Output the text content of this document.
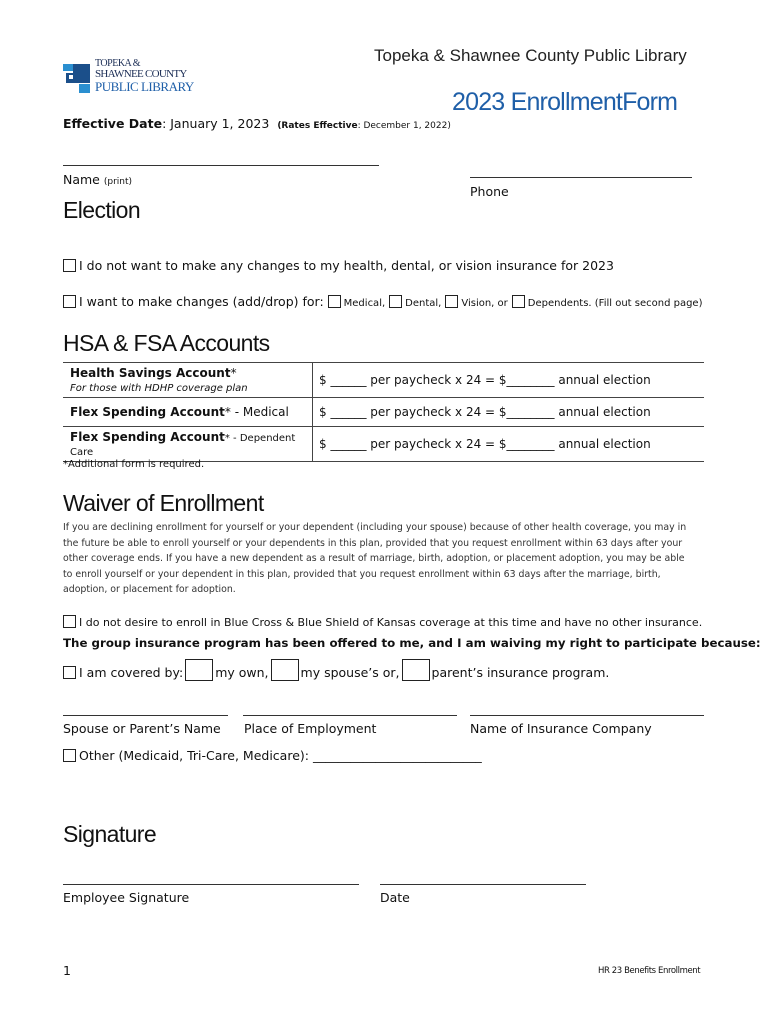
Topeka & Shawnee County Public Library
TOPEKA &
SHAWNEE COUNTY
PUBLIC LIBRARY
2023 EnrollmentForm
Effective Date: January 1, 2023 (Rates Effective: December 1, 2022)
Name (print)
Phone
Election
I do not want to make any changes to my health, dental, or vision insurance for 2023
I want to make changes (add/drop) for: Medical, Dental, Vision, or Dependents. (Fill out second page)
HSA & FSA Accounts
Health Savings Account*
For those with HDHP coverage plan	$ ______ per paycheck x 24 = $________ annual election
Flex Spending Account* - Medical	$ ______ per paycheck x 24 = $________ annual election
Flex Spending Account* - Dependent Care	$ ______ per paycheck x 24 = $________ annual election
*Additional form is required.
Waiver of Enrollment
If you are declining enrollment for yourself or your dependent (including your spouse) because of other health coverage, you may in the future be able to enroll yourself or your dependents in this plan, provided that you request enrollment within 63 days after your other coverage ends. If you have a new dependent as a result of marriage, birth, adoption, or placement adoption, you may be able to enroll yourself or your dependent in this plan, provided that you request enrollment within 63 days after the marriage, birth, adoption, or placement for adoption.
I do not desire to enroll in Blue Cross & Blue Shield of Kansas coverage at this time and have no other insurance.
The group insurance program has been offered to me, and I am waiving my right to participate because:
I am covered by:	my own,	my spouse’s or,	parent’s insurance program.
Spouse or Parent’s Name Place of Employment	Name of Insurance Company
Other (Medicaid, Tri-Care, Medicare): ___________________________
Signature
Employee Signature	Date
1	HR 23 Benefits Enrollment
